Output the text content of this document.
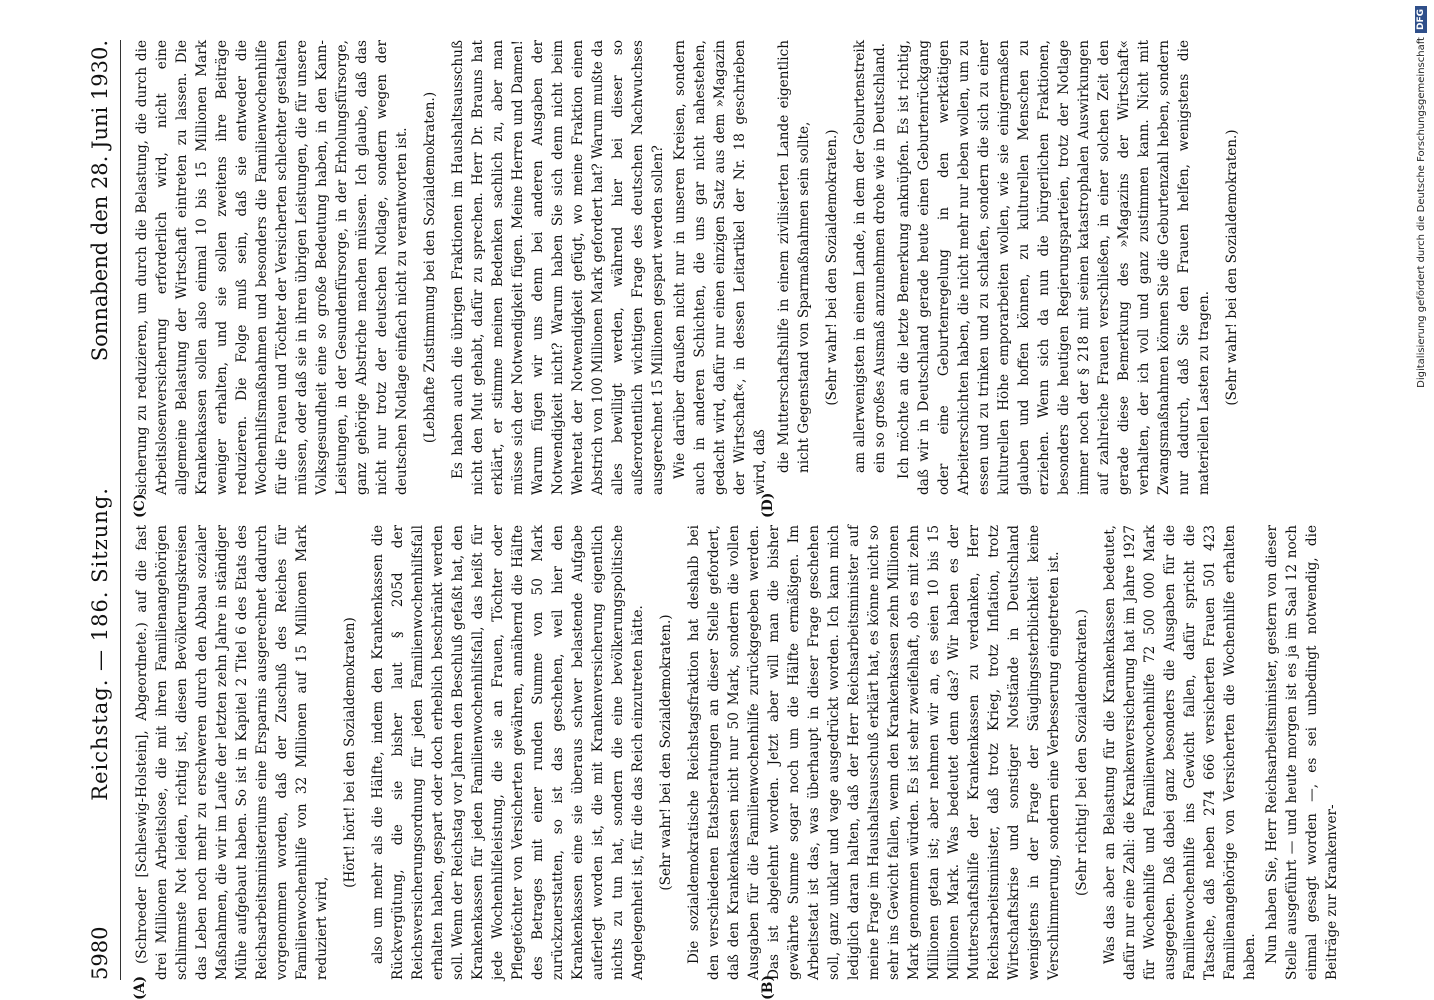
5980
Reichstag. — 186. Sitzung.
Sonnabend den 28. Juni 1930.
(A)	(B)
(C)	(D)

(Schroeder [Schleswig-Holstein], Abgeordnete.) auf die fast drei Millionen Arbeitslose, die mit ihren Familienangehörigen schlimmste Not leiden, richtig ist, diesen Bevölkerungskreisen das Leben noch mehr zu erschweren durch den Abbau sozialer Maßnahmen, die wir im Laufe der letzten zehn Jahre in ständiger Mühe aufgebaut haben. So ist in Kapitel 2 Titel 6 des Etats des Reichsarbeitsministeriums eine Ersparnis ausgerechnet dadurch vorgenommen worden, daß der Zuschuß des Reiches für Familienwochenhilfe von 32 Millionen auf 15 Millionen Mark reduziert wird,

(Hört! hört! bei den Sozialdemokraten) also um mehr als die Hälfte, indem den Krankenkassen die Rückvergütung, die sie bisher laut § 205d der Reichsversicherungsordnung für jeden Familienwochenhilfsfall erhalten haben, gespart oder doch erheblich beschränkt werden soll. Wenn der Reichstag vor Jahren den Beschluß gefaßt hat, den Krankenkassen für jeden Familienwochenhilfsfall, das heißt für jede Wochenhilfeleistung, die sie an Frauen, Töchter oder Pflegetöchter von Versicherten gewähren, annähernd die Hälfte des Betrages mit einer runden Summe von 50 Mark zurückzuerstatten, so ist das geschehen, weil hier den Krankenkassen eine sie überaus schwer belastende Aufgabe auferlegt worden ist, die mit Krankenversicherung eigentlich nichts zu tun hat, sondern die eine bevölkerungspolitische Angelegenheit ist, für die das Reich einzutreten hätte. (Sehr wahr! bei den Sozialdemokraten.) Die sozialdemokratische Reichstagsfraktion hat deshalb bei den verschiedenen Etatsberatungen an dieser Stelle gefordert, daß den Krankenkassen nicht nur 50 Mark, sondern die vollen Ausgaben für die Familienwochenhilfe zurückgegeben werden. Das ist abgelehnt worden. Jetzt aber will man die bisher gewährte Summe sogar noch um die Hälfte ermäßigen. Im Arbeitsetat ist das, was überhaupt in dieser Frage geschehen soll, ganz unklar und vage ausgedrückt worden. Ich kann mich lediglich daran halten, daß der Herr Reichsarbeitsminister auf meine Frage im Haushaltsausschuß erklärt hat, es könne nicht so sehr ins Gewicht fallen, wenn den Krankenkassen zehn Millionen Mark genommen würden. Es ist sehr zweifelhaft, ob es mit zehn Millionen getan ist; aber nehmen wir an, es seien 10 bis 15 Millionen Mark. Was bedeutet denn das? Wir haben es der Mutterschaftshilfe der Krankenkassen zu verdanken, Herr Reichsarbeitsminister, daß trotz Krieg, trotz Inflation, trotz Wirtschaftskrise und sonstiger Notstände in Deutschland wenigstens in der Frage der Säuglingssterblichkeit keine Verschlimmerung, sondern eine Verbesserung eingetreten ist. (Sehr richtig! bei den Sozialdemokraten.) Was das aber an Belastung für die Krankenkassen bedeutet, dafür nur eine Zahl: die Krankenversicherung hat im Jahre 1927 für Wochenhilfe und Familienwochenhilfe 72 500 000 Mark ausgegeben. Daß dabei ganz besonders die Ausgaben für die Familienwochenhilfe ins Gewicht fallen, dafür spricht die Tatsache, daß neben 274 666 versicherten Frauen 501 423 Familienangehörige von Versicherten die Wochenhilfe erhalten haben. Nun haben Sie, Herr Reichsarbeitsminister, gestern von dieser Stelle ausgeführt — und heute morgen ist es ja im Saal 12 noch einmal gesagt worden —, es sei unbedingt notwendig, die Beiträge zur Krankenver-

sicherung zu reduzieren, um durch die Belastung, die durch die Arbeitslosenversicherung erforderlich wird, nicht eine allgemeine Belastung der Wirtschaft eintreten zu lassen. Die Krankenkassen sollen also einmal 10 bis 15 Millionen Mark weniger erhalten, und sie sollen zweitens ihre Beiträge reduzieren. Die Folge muß sein, daß sie entweder die Wochenhilfsmaßnahmen und besonders die Familienwochenhilfe für die Frauen und Töchter der Versicherten schlechter gestalten müssen, oder daß sie in ihren übrigen Leistungen, die für unsere Volksgesundheit eine so große Bedeutung haben, in den Kann-Leistungen, in der Gesundenfürsorge, in der Erholungsfürsorge, ganz gehörige Abstriche machen müssen. Ich glaube, daß das nicht nur trotz der deutschen Notlage, sondern wegen der deutschen Notlage einfach nicht zu verantworten ist. (Lebhafte Zustimmung bei den Sozialdemokraten.) Es haben auch die übrigen Fraktionen im Haushaltsausschuß nicht den Mut gehabt, dafür zu sprechen. Herr Dr. Brauns hat erklärt, er stimme meinen Bedenken sachlich zu, aber man müsse sich der Notwendigkeit fügen. Meine Herren und Damen! Warum fügen wir uns denn bei anderen Ausgaben der Notwendigkeit nicht? Warum haben Sie sich denn nicht beim Wehretat der Notwendigkeit gefügt, wo meine Fraktion einen Abstrich von 100 Millionen Mark gefordert hat? Warum mußte da alles bewilligt werden, während hier bei dieser so außerordentlich wichtigen Frage des deutschen Nachwuchses ausgerechnet 15 Millionen gespart werden sollen? Wie darüber draußen nicht nur in unseren Kreisen, sondern auch in anderen Schichten, die uns gar nicht nahestehen, gedacht wird, dafür nur einen einzigen Satz aus dem »Magazin der Wirtschaft«, in dessen Leitartikel der Nr. 18 geschrieben wird, daß die Mutterschaftshilfe in einem zivilisierten Lande eigentlich nicht Gegenstand von Sparmaßnahmen sein sollte, (Sehr wahr! bei den Sozialdemokraten.) am allerwenigsten in einem Lande, in dem der Geburtenstreik ein so großes Ausmaß anzunehmen drohe wie in Deutschland. Ich möchte an die letzte Bemerkung anknüpfen. Es ist richtig, daß wir in Deutschland gerade heute einen Geburtenrückgang oder eine Geburtenregelung in den werktätigen Arbeiterschichten haben, die nicht mehr nur leben wollen, um zu essen und zu trinken und zu schlafen, sondern die sich zu einer kulturellen Höhe emporarbeiten wollen, wie sie einigermaßen glauben und hoffen können, zu kulturellen Menschen zu erziehen. Wenn sich da nun die bürgerlichen Fraktionen, besonders die heutigen Regierungsparteien, trotz der Notlage immer noch der § 218 mit seinen katastrophalen Auswirkungen auf zahlreiche Frauen verschließen, in einer solchen Zeit den gerade diese Bemerkung des »Magazins der Wirtschaft« verhalten, der ich voll und ganz zustimmen kann. Nicht mit Zwangsmaßnahmen können Sie die Geburtenzahl heben, sondern nur dadurch, daß Sie den Frauen helfen, wenigstens die materiellen Lasten zu tragen. (Sehr wahr! bei den Sozialdemokraten.)	Digitalisierung gefördert durch die Deutsche Forschungsgemeinschaft
DFG
